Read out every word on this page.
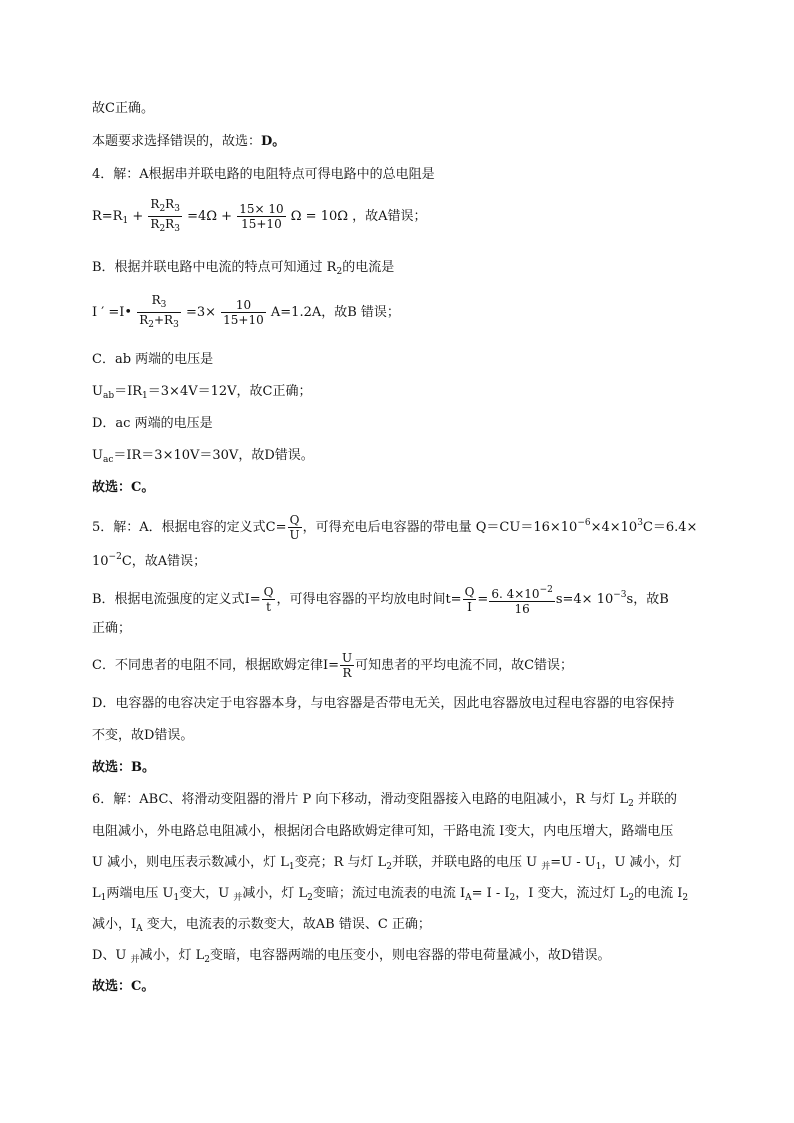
故C正确。
本题要求选择错误的，故选：D。
4．解：A根据串并联电路的电阻特点可得电路中的总电阻是
$R=R_1 + \frac{R_2R_3}{R_2R_3} =4\Omega + \frac{15\times 10}{15+10}$ Ω = 10Ω ，故A错误；
B．根据并联电路中电流的特点可知通过 $R_2$的电流是
I ′ =I• $\frac{R_3}{R_2+R_3} =3\times \frac{10}{15+10} A=1.2A$，故B 错误；
C．ab 两端的电压是
$U_{ab}=IR_1=3\times 4V=12V$，故C正确；
D．ac 两端的电压是
$U_{ac}=IR=3\times 10V=30V$，故D错误。
故选：C。
5．解：A．根据电容的定义式$C= \frac{Q}{U}$ ，可得充电后电容器的带电量 $Q=CU=16\times 10^{-6}\times 4\times 10^3C=6.4\times$
$10^{-2}C$，故A错误；
B．根据电流强度的定义式$I= \frac{Q}{t}$ ，可得电容器的平均放电时间$t= \frac{Q}{I} = \frac{6. 4\times 10^{-2}}{16} s=4\times 10^{-3}s$，故B
正确；
C．不同患者的电阻不同，根据欧姆定律$I= \frac{U}{R}$ 可知患者的平均电流不同，故C错误；
D．电容器的电容决定于电容器本身，与电容器是否带电无关，因此电容器放电过程电容器的电容保持
不变，故D错误。
故选：B。
6．解：ABC、将滑动变阻器的滑片 P 向下移动，滑动变阻器接入电路的电阻减小，R 与灯 $L_2$ 并联的
电阻减小，外电路总电阻减小，根据闭合电路欧姆定律可知，干路电流 I变大，内电压增大，路端电压
U 减小，则电压表示数减小，灯 $L_1$变亮；R 与灯 $L_2$并联，并联电路的电压 U $_并=U - U_1$，U 减小，灯
$L_1$两端电压 $U_1$变大，U $_并$减小，灯 $L_2$变暗；流过电流表的电流 $I_A= I - I_2$，I 变大，流过灯 $L_2$的电流 $I_2$
减小，$I_A$ 变大，电流表的示数变大，故AB 错误、C 正确；
D、U $_并$减小，灯 $L_2$变暗，电容器两端的电压变小，则电容器的带电荷量减小，故D错误。
故选：C。
